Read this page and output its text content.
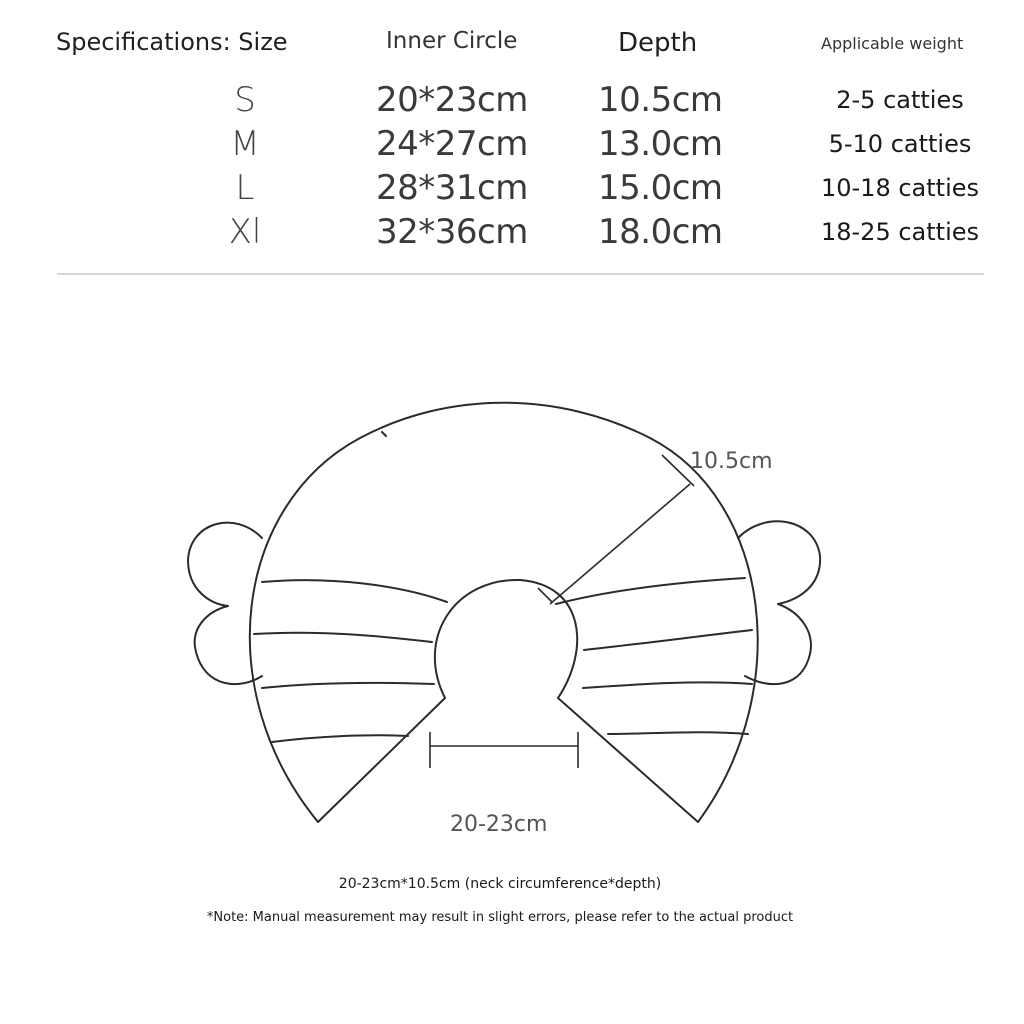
Specifications: Size	Inner Circle	Depth	Applicable weight
S	20*23cm 10.5cm	2-5 catties
M	24*27cm 13.0cm	5-10 catties
L	28*31cm 15.0cm	10-18 catties
Xl	32*36cm 18.0cm	18-25 catties
10.5cm
20-23cm
20-23cm*10.5cm (neck circumference*depth)
*Note: Manual measurement may result in slight errors, please refer to the actual product
